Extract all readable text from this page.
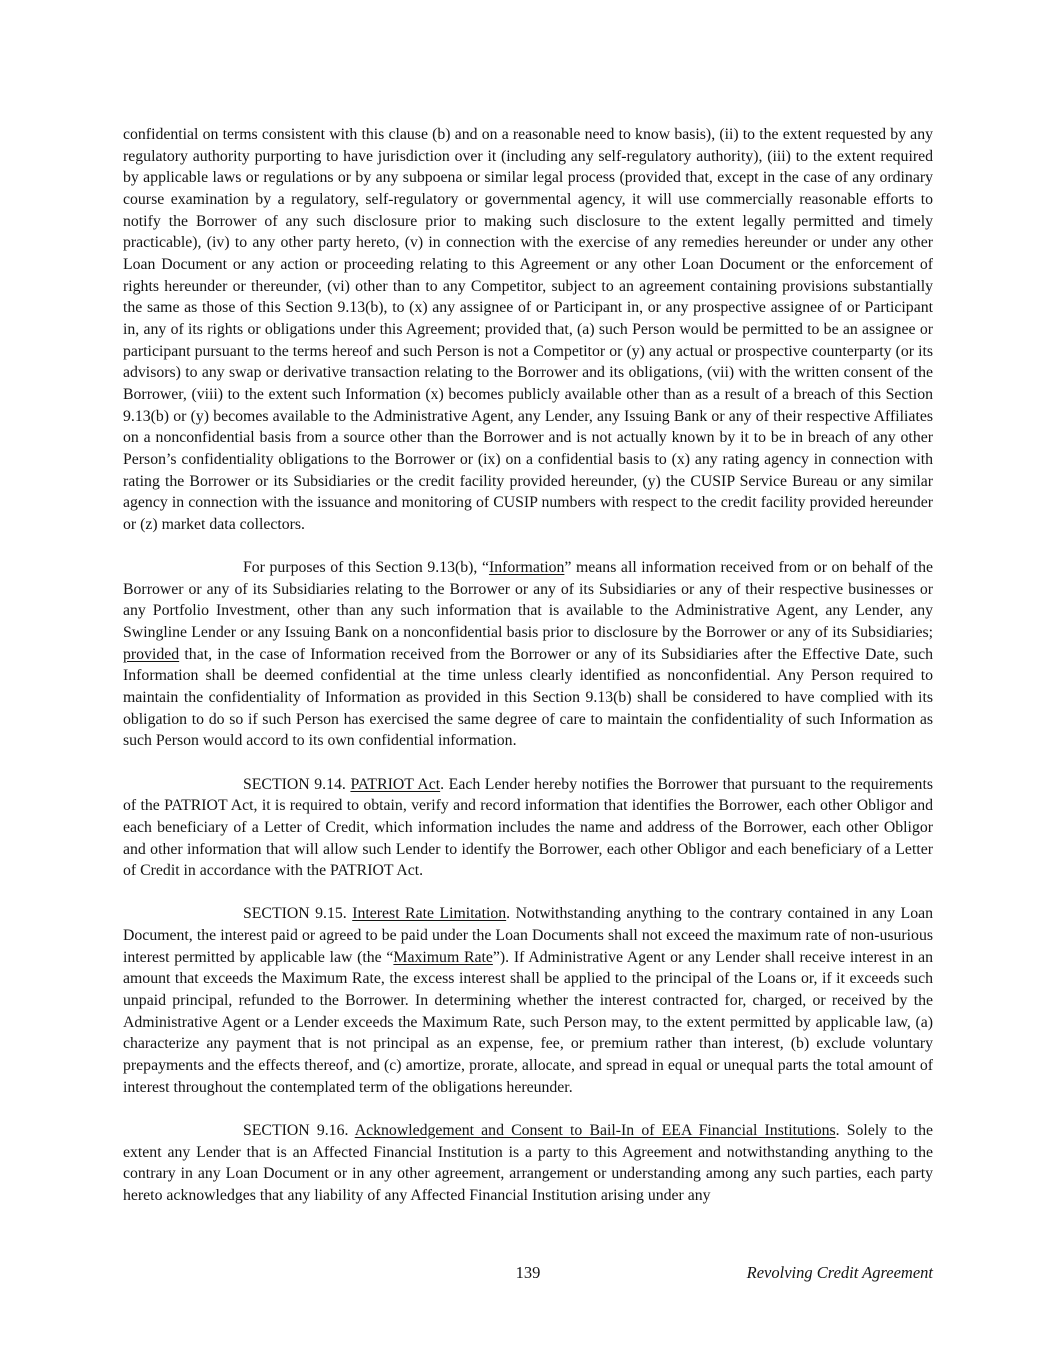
confidential on terms consistent with this clause (b) and on a reasonable need to know basis), (ii) to the extent requested by any regulatory authority purporting to have jurisdiction over it (including any self-regulatory authority), (iii) to the extent required by applicable laws or regulations or by any subpoena or similar legal process (provided that, except in the case of any ordinary course examination by a regulatory, self-regulatory or governmental agency, it will use commercially reasonable efforts to notify the Borrower of any such disclosure prior to making such disclosure to the extent legally permitted and timely practicable), (iv) to any other party hereto, (v) in connection with the exercise of any remedies hereunder or under any other Loan Document or any action or proceeding relating to this Agreement or any other Loan Document or the enforcement of rights hereunder or thereunder, (vi) other than to any Competitor, subject to an agreement containing provisions substantially the same as those of this Section 9.13(b), to (x) any assignee of or Participant in, or any prospective assignee of or Participant in, any of its rights or obligations under this Agreement; provided that, (a) such Person would be permitted to be an assignee or participant pursuant to the terms hereof and such Person is not a Competitor or (y) any actual or prospective counterparty (or its advisors) to any swap or derivative transaction relating to the Borrower and its obligations, (vii) with the written consent of the Borrower, (viii) to the extent such Information (x) becomes publicly available other than as a result of a breach of this Section 9.13(b) or (y) becomes available to the Administrative Agent, any Lender, any Issuing Bank or any of their respective Affiliates on a nonconfidential basis from a source other than the Borrower and is not actually known by it to be in breach of any other Person’s confidentiality obligations to the Borrower or (ix) on a confidential basis to (x) any rating agency in connection with rating the Borrower or its Subsidiaries or the credit facility provided hereunder, (y) the CUSIP Service Bureau or any similar agency in connection with the issuance and monitoring of CUSIP numbers with respect to the credit facility provided hereunder or (z) market data collectors.

For purposes of this Section 9.13(b), “Information” means all information received from or on behalf of the Borrower or any of its Subsidiaries relating to the Borrower or any of its Subsidiaries or any of their respective businesses or any Portfolio Investment, other than any such information that is available to the Administrative Agent, any Lender, any Swingline Lender or any Issuing Bank on a nonconfidential basis prior to disclosure by the Borrower or any of its Subsidiaries; provided that, in the case of Information received from the Borrower or any of its Subsidiaries after the Effective Date, such Information shall be deemed confidential at the time unless clearly identified as nonconfidential. Any Person required to maintain the confidentiality of Information as provided in this Section 9.13(b) shall be considered to have complied with its obligation to do so if such Person has exercised the same degree of care to maintain the confidentiality of such Information as such Person would accord to its own confidential information.

SECTION 9.14. PATRIOT Act. Each Lender hereby notifies the Borrower that pursuant to the requirements of the PATRIOT Act, it is required to obtain, verify and record information that identifies the Borrower, each other Obligor and each beneficiary of a Letter of Credit, which information includes the name and address of the Borrower, each other Obligor and other information that will allow such Lender to identify the Borrower, each other Obligor and each beneficiary of a Letter of Credit in accordance with the PATRIOT Act.

SECTION 9.15. Interest Rate Limitation. Notwithstanding anything to the contrary contained in any Loan Document, the interest paid or agreed to be paid under the Loan Documents shall not exceed the maximum rate of non-usurious interest permitted by applicable law (the “Maximum Rate”). If Administrative Agent or any Lender shall receive interest in an amount that exceeds the Maximum Rate, the excess interest shall be applied to the principal of the Loans or, if it exceeds such unpaid principal, refunded to the Borrower. In determining whether the interest contracted for, charged, or received by the Administrative Agent or a Lender exceeds the Maximum Rate, such Person may, to the extent permitted by applicable law, (a) characterize any payment that is not principal as an expense, fee, or premium rather than interest, (b) exclude voluntary prepayments and the effects thereof, and (c) amortize, prorate, allocate, and spread in equal or unequal parts the total amount of interest throughout the contemplated term of the obligations hereunder.

SECTION 9.16. Acknowledgement and Consent to Bail-In of EEA Financial Institutions. Solely to the extent any Lender that is an Affected Financial Institution is a party to this Agreement and notwithstanding anything to the contrary in any Loan Document or in any other agreement, arrangement or understanding among any such parties, each party hereto acknowledges that any liability of any Affected Financial Institution arising under any

139	Revolving Credit Agreement
